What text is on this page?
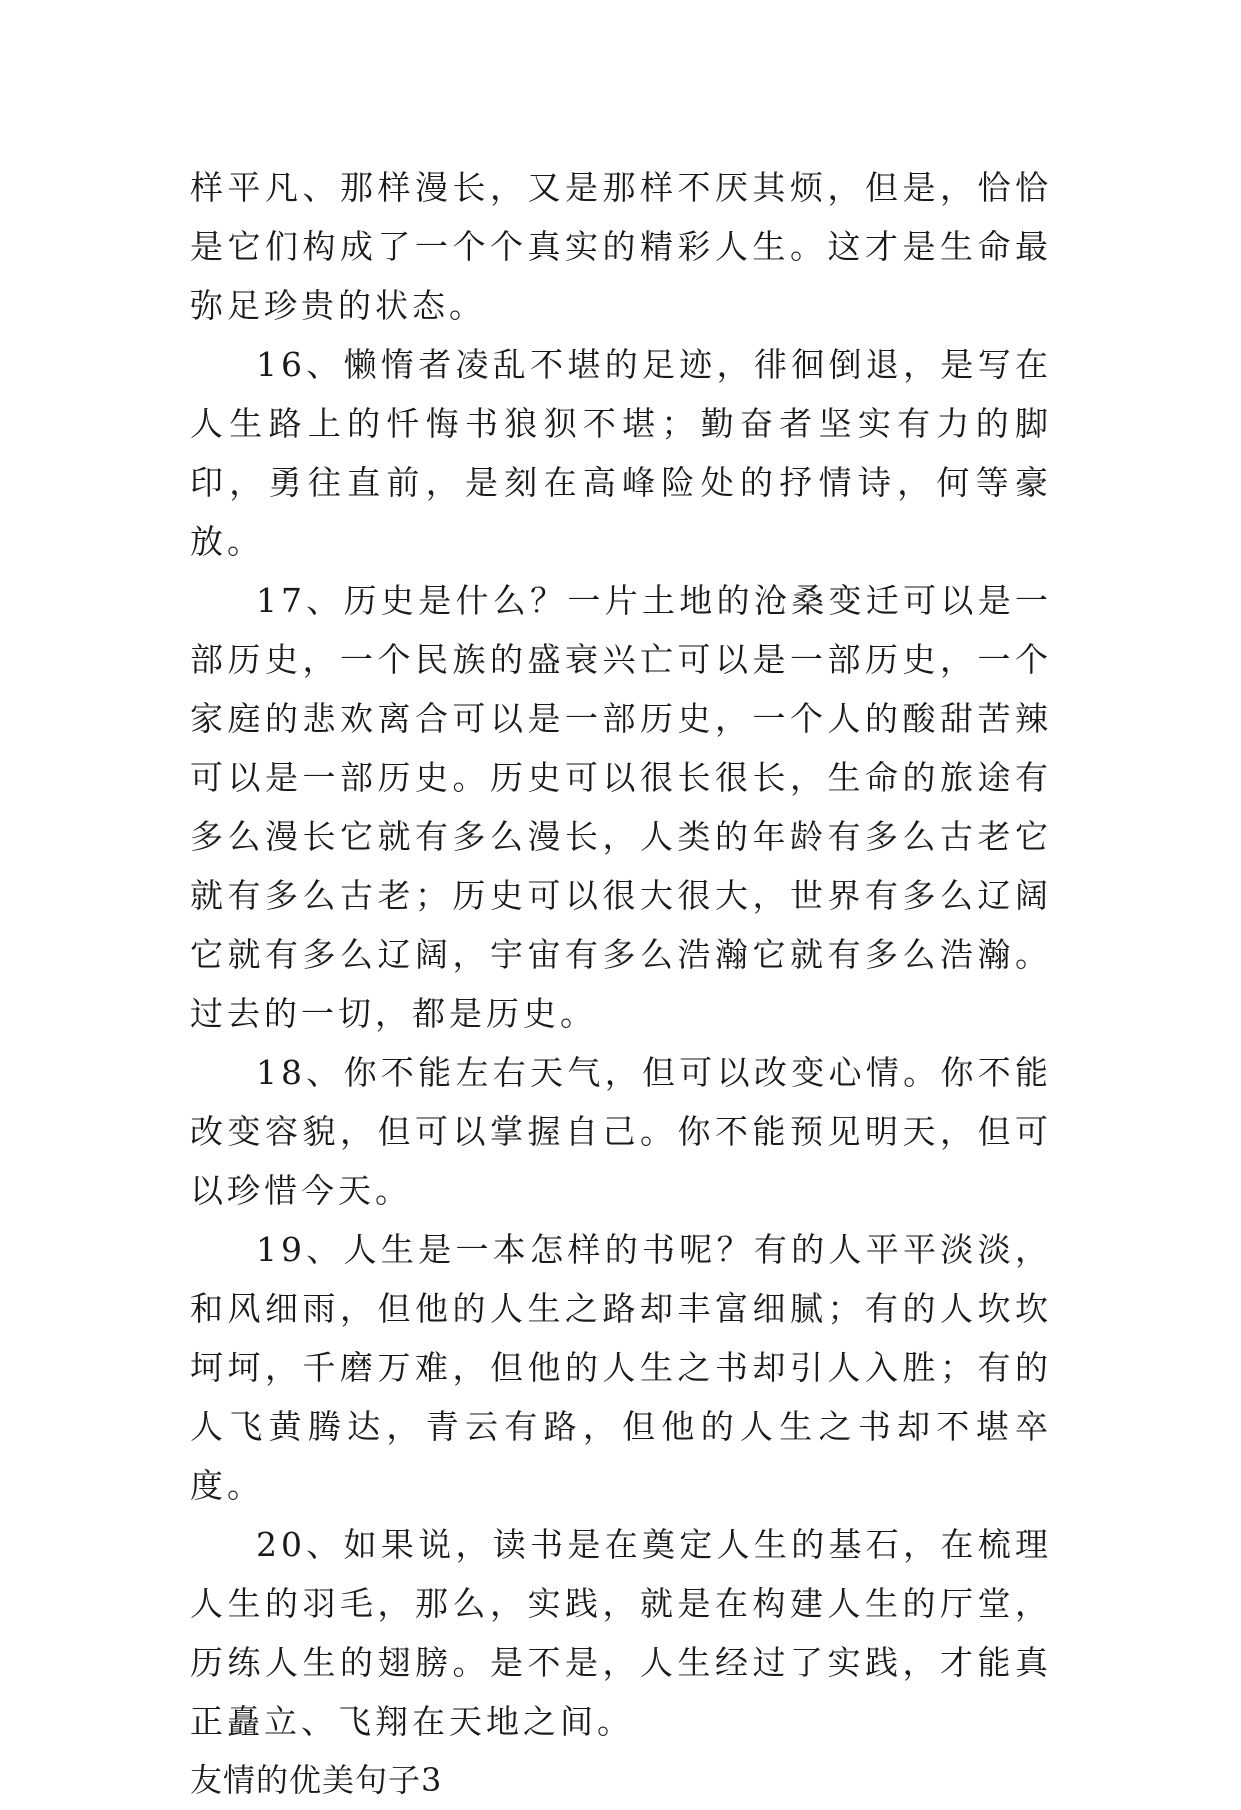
样平凡、那样漫长，又是那样不厌其烦，但是，恰恰是它们构成了一个个真实的精彩人生。这才是生命最弥足珍贵的状态。

16、懒惰者凌乱不堪的足迹，徘徊倒退，是写在人生路上的忏悔书狼狈不堪；勤奋者坚实有力的脚印，勇往直前，是刻在高峰险处的抒情诗，何等豪放。

17、历史是什么？一片土地的沧桑变迁可以是一部历史，一个民族的盛衰兴亡可以是一部历史，一个家庭的悲欢离合可以是一部历史，一个人的酸甜苦辣可以是一部历史。历史可以很长很长，生命的旅途有多么漫长它就有多么漫长，人类的年龄有多么古老它就有多么古老；历史可以很大很大，世界有多么辽阔它就有多么辽阔，宇宙有多么浩瀚它就有多么浩瀚。过去的一切，都是历史。

18、你不能左右天气，但可以改变心情。你不能改变容貌，但可以掌握自己。你不能预见明天，但可以珍惜今天。

19、人生是一本怎样的书呢？有的人平平淡淡，和风细雨，但他的人生之路却丰富细腻；有的人坎坎坷坷，千磨万难，但他的人生之书却引人入胜；有的人飞黄腾达，青云有路，但他的人生之书却不堪卒度。

20、如果说，读书是在奠定人生的基石，在梳理人生的羽毛，那么，实践，就是在构建人生的厅堂，历练人生的翅膀。是不是，人生经过了实践，才能真正矗立、飞翔在天地之间。

友情的优美句子3
